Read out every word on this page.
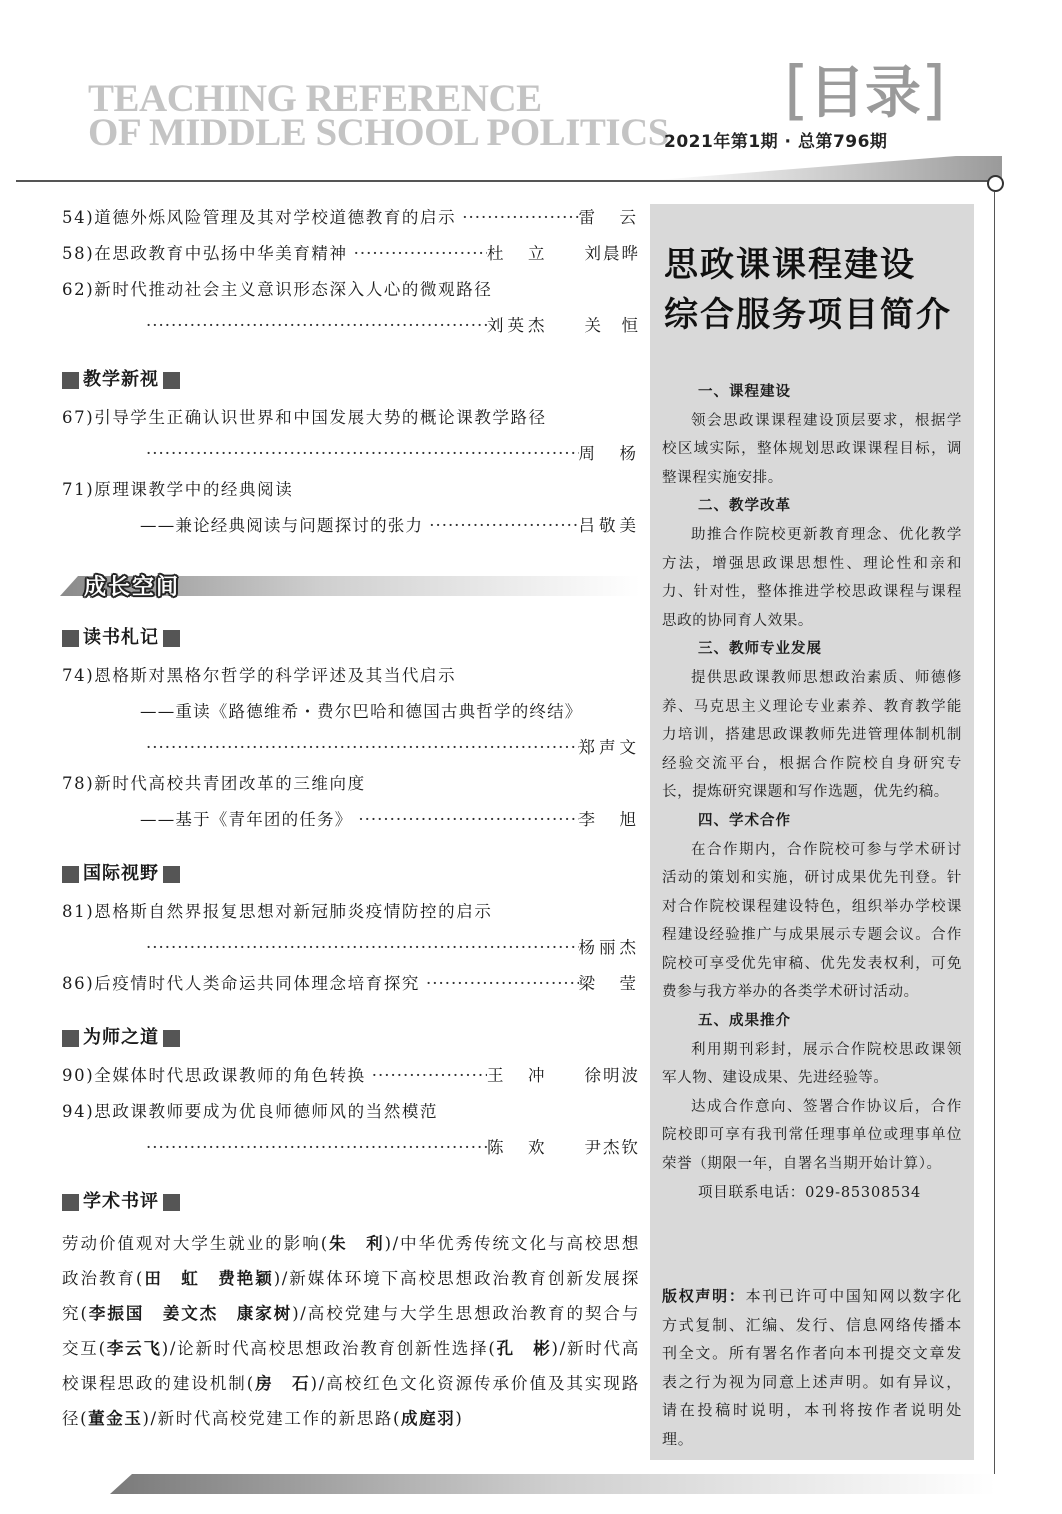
TEACHING REFERENCE
OF MIDDLE SCHOOL POLITICS
[目录]
2021年第1期 · 总第796期
54)道德外烁风险管理及其对学校道德教育的启示 ·····	雷　云
58)在思政教育中弘扬中华美育精神 ·····	杜　立	刘晨晔
62)新时代推动社会主义意识形态深入人心的微观路径
·····
刘英杰	关　恒
教学新视
67)引导学生正确认识世界和中国发展大势的概论课教学路径
·····
周　杨
71)原理课教学中的经典阅读
——兼论经典阅读与问题探讨的张力 ·····	吕敬美
成长空间
读书札记
74)恩格斯对黑格尔哲学的科学评述及其当代启示
——重读《路德维希・费尔巴哈和德国古典哲学的终结》
·····
郑声文
78)新时代高校共青团改革的三维向度
——基于《青年团的任务》 ·····	李　旭
国际视野
81)恩格斯自然界报复思想对新冠肺炎疫情防控的启示
·····
杨丽杰
86)后疫情时代人类命运共同体理念培育探究 ·····	梁　莹
为师之道
90)全媒体时代思政课教师的角色转换 ·····	王　冲	徐明波
94)思政课教师要成为优良师德师风的当然模范
·····
陈　欢	尹杰钦
学术书评
劳动价值观对大学生就业的影响(朱　利)/中华优秀传统文化与高校思想政治教育(田　虹　费艳颖)/新媒体环境下高校思想政治教育创新发展探究(李振国　姜文杰　康家树)/高校党建与大学生思想政治教育的契合与交互(李云飞)/论新时代高校思想政治教育创新性选择(孔　彬)/新时代高校课程思政的建设机制(房　石)/高校红色文化资源传承价值及其实现路径(董金玉)/新时代高校党建工作的新思路(成庭羽)
思政课课程建设
综合服务项目简介
一、课程建设

领会思政课课程建设顶层要求，根据学校区域实际，整体规划思政课课程目标，调整课程实施安排。

二、教学改革

助推合作院校更新教育理念、优化教学方法，增强思政课思想性、理论性和亲和力、针对性，整体推进学校思政课程与课程思政的协同育人效果。

三、教师专业发展

提供思政课教师思想政治素质、师德修养、马克思主义理论专业素养、教育教学能力培训，搭建思政课教师先进管理体制机制经验交流平台，根据合作院校自身研究专长，提炼研究课题和写作选题，优先约稿。

四、学术合作

在合作期内，合作院校可参与学术研讨活动的策划和实施，研讨成果优先刊登。针对合作院校课程建设特色，组织举办学校课程建设经验推广与成果展示专题会议。合作院校可享受优先审稿、优先发表权利，可免费参与我方举办的各类学术研讨活动。

五、成果推介

利用期刊彩封，展示合作院校思政课领军人物、建设成果、先进经验等。

达成合作意向、签署合作协议后，合作院校即可享有我刊常任理事单位或理事单位荣誉（期限一年，自署名当期开始计算）。

项目联系电话：029-85308534

版权声明：本刊已许可中国知网以数字化方式复制、汇编、发行、信息网络传播本刊全文。所有署名作者向本刊提交文章发表之行为视为同意上述声明。如有异议，请在投稿时说明，本刊将按作者说明处理。
